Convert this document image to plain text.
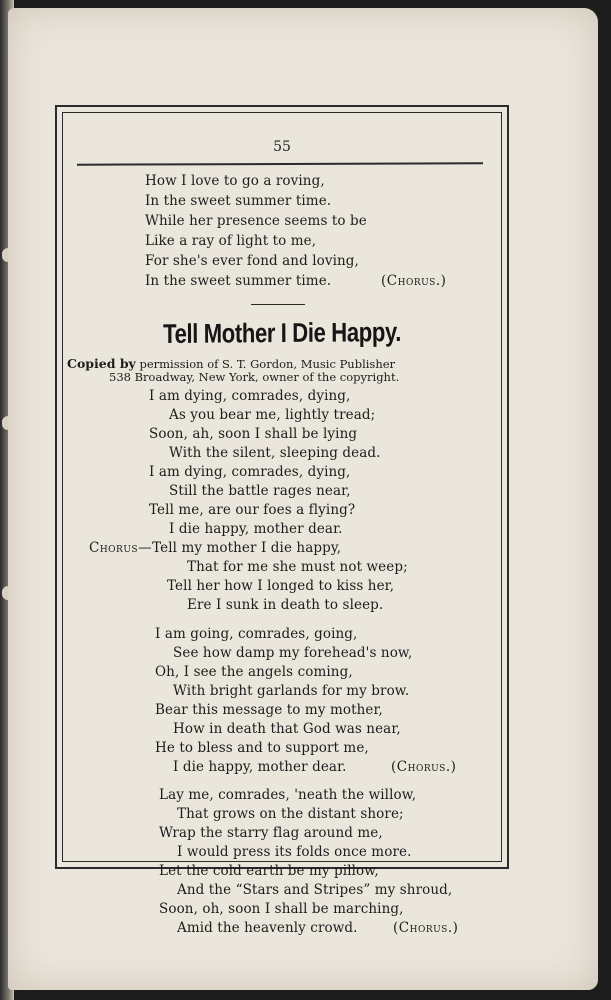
55
How I love to go a roving,
In the sweet summer time.
While her presence seems to be
Like a ray of light to me,
For she's ever fond and loving,
In the sweet summer time.	(Chorus.)
Tell Mother I Die Happy.
Copied by permission of S. T. Gordon, Music Publisher
538 Broadway, New York, owner of the copyright.
I am dying, comrades, dying,
As you bear me, lightly tread;
Soon, ah, soon I shall be lying
With the silent, sleeping dead.
I am dying, comrades, dying,
Still the battle rages near,
Tell me, are our foes a flying?
I die happy, mother dear.
Chorus—Tell my mother I die happy,
That for me she must not weep;
Tell her how I longed to kiss her,
Ere I sunk in death to sleep.
I am going, comrades, going,
See how damp my forehead's now,
Oh, I see the angels coming,
With bright garlands for my brow.
Bear this message to my mother,
How in death that God was near,
He to bless and to support me,
I die happy, mother dear.	(Chorus.)
Lay me, comrades, 'neath the willow,
That grows on the distant shore;
Wrap the starry flag around me,
I would press its folds once more.
Let the cold earth be my pillow,
And the “Stars and Stripes” my shroud,
Soon, oh, soon I shall be marching,
Amid the heavenly crowd.	(Chorus.)
